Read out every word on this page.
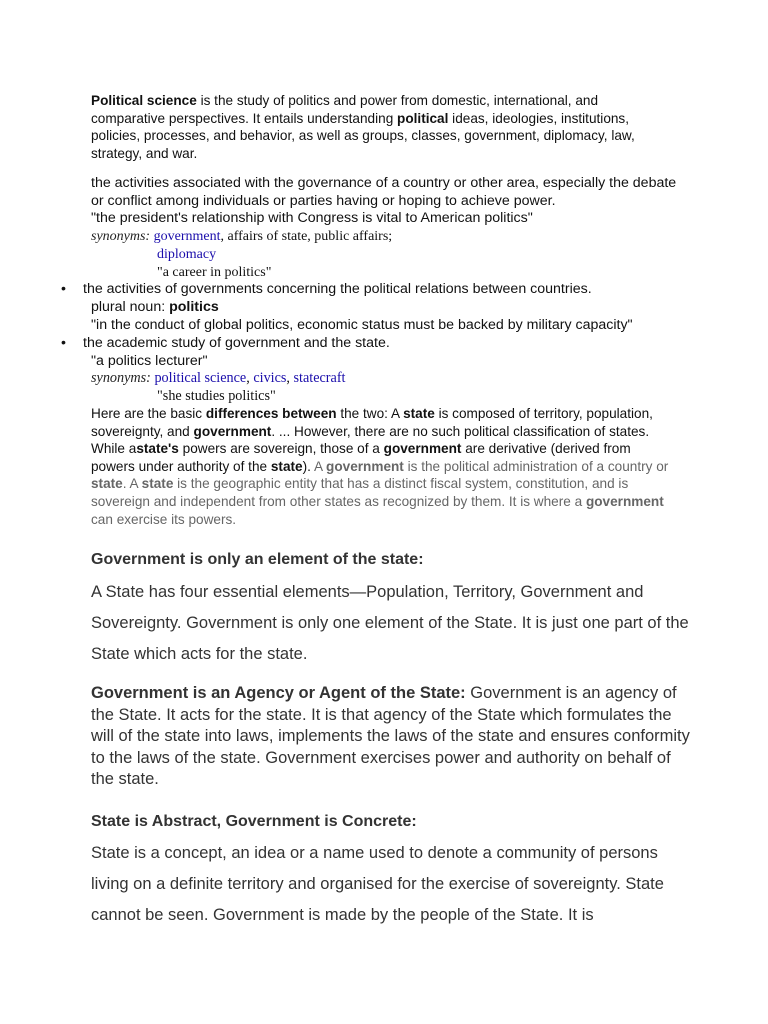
Political science is the study of politics and power from domestic, international, and comparative perspectives. It entails understanding political ideas, ideologies, institutions, policies, processes, and behavior, as well as groups, classes, government, diplomacy, law, strategy, and war.
the activities associated with the governance of a country or other area, especially the debate or conflict among individuals or parties having or hoping to achieve power.
"the president's relationship with Congress is vital to American politics"
synonyms: government, affairs of state, public affairs;
diplomacy
"a career in politics"
• the activities of governments concerning the political relations between countries.
plural noun: politics
"in the conduct of global politics, economic status must be backed by military capacity"
• the academic study of government and the state.
"a politics lecturer"
synonyms: political science, civics, statecraft
"she studies politics"
Here are the basic differences between the two: A state is composed of territory, population, sovereignty, and government. ... However, there are no such political classification of states. While astate's powers are sovereign, those of a government are derivative (derived from powers under authority of the state). A government is the political administration of a country or state. A state is the geographic entity that has a distinct fiscal system, constitution, and is sovereign and independent from other states as recognized by them. It is where a government can exercise its powers.
Government is only an element of the state:
A State has four essential elements—Population, Territory, Government and Sovereignty. Government is only one element of the State. It is just one part of the State which acts for the state.
Government is an Agency or Agent of the State: Government is an agency of the State. It acts for the state. It is that agency of the State which formulates the will of the state into laws, implements the laws of the state and ensures conformity to the laws of the state. Government exercises power and authority on behalf of the state.
State is Abstract, Government is Concrete:
State is a concept, an idea or a name used to denote a community of persons living on a definite territory and organised for the exercise of sovereignty. State cannot be seen. Government is made by the people of the State. It is
